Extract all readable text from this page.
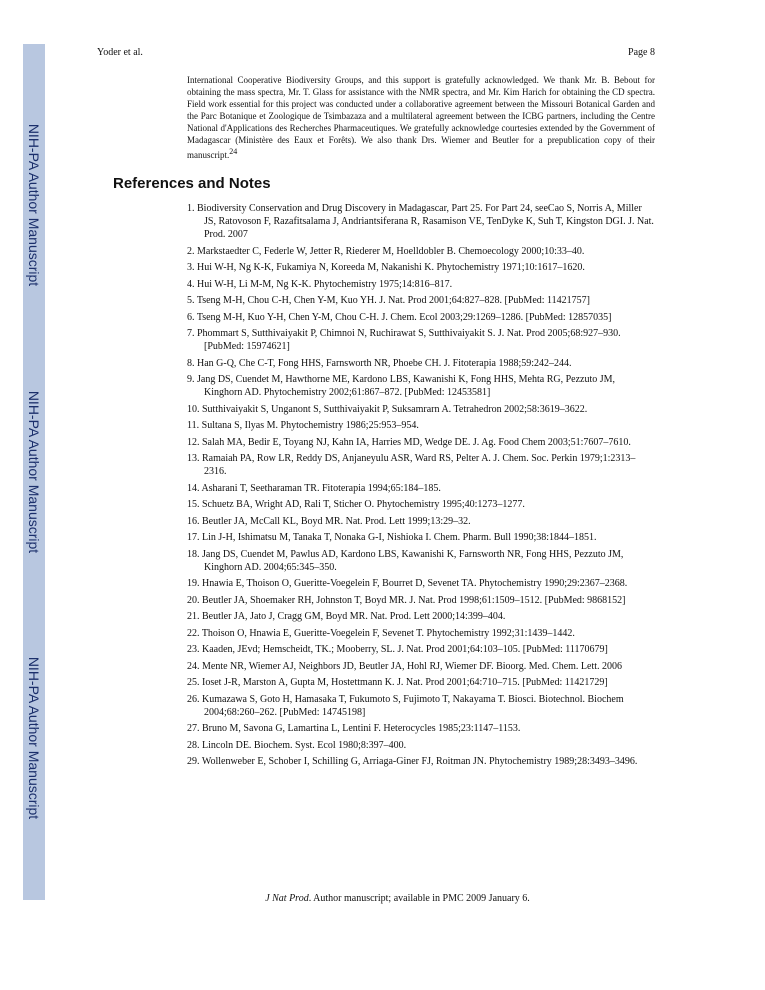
NIH-PA Author Manuscript
NIH-PA Author Manuscript
NIH-PA Author Manuscript
Yoder et al.	Page 8

International Cooperative Biodiversity Groups, and this support is gratefully acknowledged. We thank Mr. B. Bebout for obtaining the mass spectra, Mr. T. Glass for assistance with the NMR spectra, and Mr. Kim Harich for obtaining the CD spectra. Field work essential for this project was conducted under a collaborative agreement between the Missouri Botanical Garden and the Parc Botanique et Zoologique de Tsimbazaza and a multilateral agreement between the ICBG partners, including the Centre National d'Applications des Recherches Pharmaceutiques. We gratefully acknowledge courtesies extended by the Government of Madagascar (Ministère des Eaux et Forêts). We also thank Drs. Wiemer and Beutler for a prepublication copy of their manuscript.$^{24}$

References and Notes
1. Biodiversity Conservation and Drug Discovery in Madagascar, Part 25. For Part 24, seeCao S, Norris A, Miller JS, Ratovoson F, Razafitsalama J, Andriantsiferana R, Rasamison VE, TenDyke K, Suh T, Kingston DGI. J. Nat. Prod. 2007
2. Markstaedter C, Federle W, Jetter R, Riederer M, Hoelldobler B. Chemoecology 2000;10:33–40.
3. Hui W-H, Ng K-K, Fukamiya N, Koreeda M, Nakanishi K. Phytochemistry 1971;10:1617–1620.
4. Hui W-H, Li M-M, Ng K-K. Phytochemistry 1975;14:816–817.
5. Tseng M-H, Chou C-H, Chen Y-M, Kuo YH. J. Nat. Prod 2001;64:827–828. [PubMed: 11421757]
6. Tseng M-H, Kuo Y-H, Chen Y-M, Chou C-H. J. Chem. Ecol 2003;29:1269–1286. [PubMed: 12857035]
7. Phommart S, Sutthivaiyakit P, Chimnoi N, Ruchirawat S, Sutthivaiyakit S. J. Nat. Prod 2005;68:927–930. [PubMed: 15974621]
8. Han G-Q, Che C-T, Fong HHS, Farnsworth NR, Phoebe CH. J. Fitoterapia 1988;59:242–244.
9. Jang DS, Cuendet M, Hawthorne ME, Kardono LBS, Kawanishi K, Fong HHS, Mehta RG, Pezzuto JM, Kinghorn AD. Phytochemistry 2002;61:867–872. [PubMed: 12453581]
10. Sutthivaiyakit S, Unganont S, Sutthivaiyakit P, Suksamrarn A. Tetrahedron 2002;58:3619–3622.
11. Sultana S, Ilyas M. Phytochemistry 1986;25:953–954.
12. Salah MA, Bedir E, Toyang NJ, Kahn IA, Harries MD, Wedge DE. J. Ag. Food Chem 2003;51:7607–7610.
13. Ramaiah PA, Row LR, Reddy DS, Anjaneyulu ASR, Ward RS, Pelter A. J. Chem. Soc. Perkin 1979;1:2313–2316.
14. Asharani T, Seetharaman TR. Fitoterapia 1994;65:184–185.
15. Schuetz BA, Wright AD, Rali T, Sticher O. Phytochemistry 1995;40:1273–1277.
16. Beutler JA, McCall KL, Boyd MR. Nat. Prod. Lett 1999;13:29–32.
17. Lin J-H, Ishimatsu M, Tanaka T, Nonaka G-I, Nishioka I. Chem. Pharm. Bull 1990;38:1844–1851.
18. Jang DS, Cuendet M, Pawlus AD, Kardono LBS, Kawanishi K, Farnsworth NR, Fong HHS, Pezzuto JM, Kinghorn AD. 2004;65:345–350.
19. Hnawia E, Thoison O, Gueritte-Voegelein F, Bourret D, Sevenet TA. Phytochemistry 1990;29:2367–2368.
20. Beutler JA, Shoemaker RH, Johnston T, Boyd MR. J. Nat. Prod 1998;61:1509–1512. [PubMed: 9868152]
21. Beutler JA, Jato J, Cragg GM, Boyd MR. Nat. Prod. Lett 2000;14:399–404.
22. Thoison O, Hnawia E, Gueritte-Voegelein F, Sevenet T. Phytochemistry 1992;31:1439–1442.
23. Kaaden, JEvd; Hemscheidt, TK.; Mooberry, SL. J. Nat. Prod 2001;64:103–105. [PubMed: 11170679]
24. Mente NR, Wiemer AJ, Neighbors JD, Beutler JA, Hohl RJ, Wiemer DF. Bioorg. Med. Chem. Lett. 2006
25. Ioset J-R, Marston A, Gupta M, Hostettmann K. J. Nat. Prod 2001;64:710–715. [PubMed: 11421729]
26. Kumazawa S, Goto H, Hamasaka T, Fukumoto S, Fujimoto T, Nakayama T. Biosci. Biotechnol. Biochem 2004;68:260–262. [PubMed: 14745198]
27. Bruno M, Savona G, Lamartina L, Lentini F. Heterocycles 1985;23:1147–1153.
28. Lincoln DE. Biochem. Syst. Ecol 1980;8:397–400.
29. Wollenweber E, Schober I, Schilling G, Arriaga-Giner FJ, Roitman JN. Phytochemistry 1989;28:3493–3496.
J Nat Prod. Author manuscript; available in PMC 2009 January 6.
